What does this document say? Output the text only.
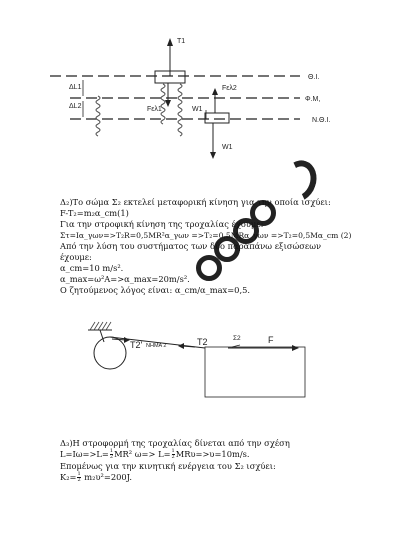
T1
Θ.Ι.
Φ.Μ,
Ν.Θ.Ι.
ΔL1
ΔL2	Fελ1
Fελ2
W1
W1
Δ₂)Το σώμα Σ₂ εκτελεί μεταφορική κίνηση για την οποία ισχύει:
F-T₂=m₂α_cm(1)
Για την στροφική κίνηση της τροχαλίας έχουμε:
Στ=Ια_γων=>T₂R=0,5MR²α_γων =>T₂=0,5MRα_γων =>T₂=0,5Μα_cm (2)
Από την λύση του συστήματος των δύο παραπάνω εξισώσεων
έχουμε:
α_cm=10 m/s².
α_max=ω²A=>α_max=20m/s².
Ο ζητούμενος λόγος είναι: α_cm/α_max=0,5.
T2' ΝΗΜΑ 2	T2	Σ2	F
Δ₃)Η στροφορμή της τροχαλίας δίνεται από την σχέση
$L=I\omega=>L= \frac{1}{2} MR^2$ $\omega=> L= \frac{1}{2} MR\upsilon=>\upsilon=10m/s$.
Επομένως για την κινητική ενέργεια του Σ₂ ισχύει:
$K_2= \frac{1}{2} m_2\upsilon^2=200J$.
